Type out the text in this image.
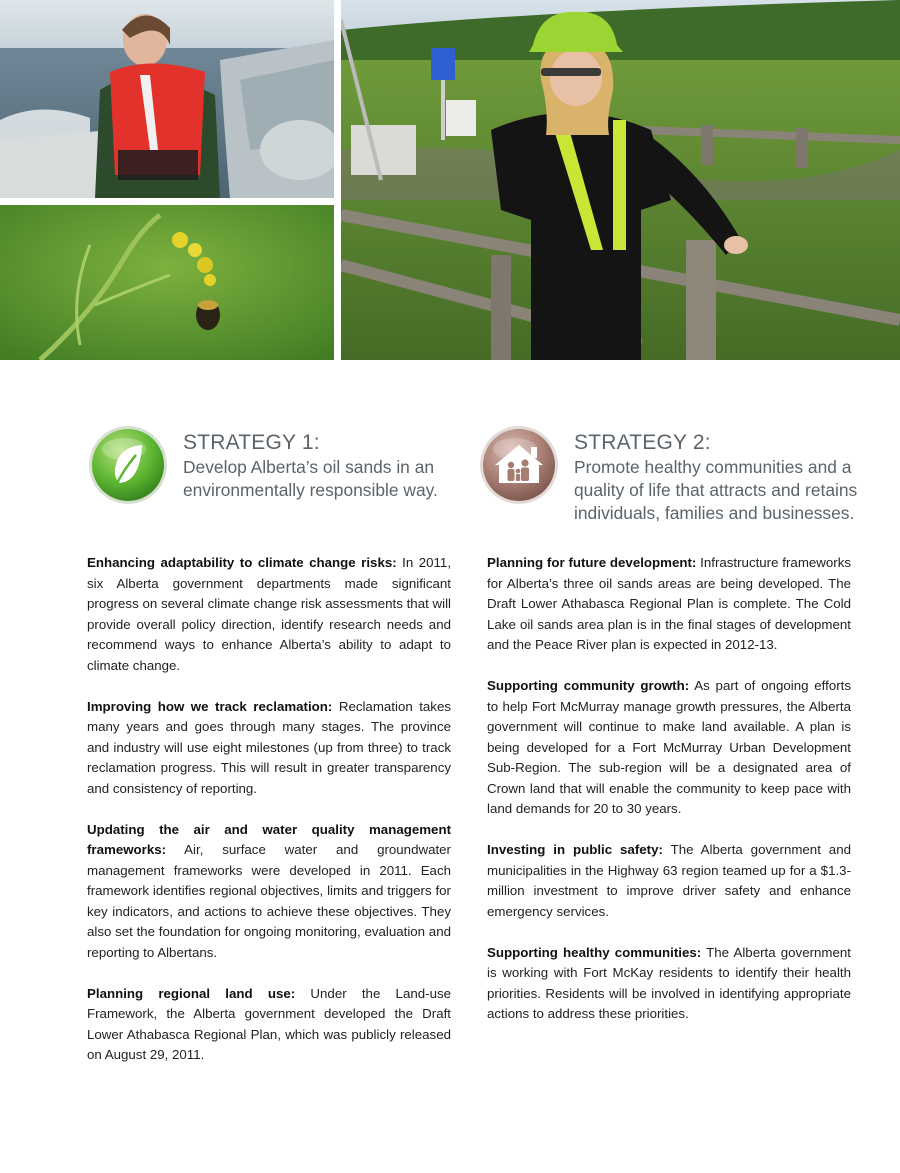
STRATEGY 1:
Develop Alberta’s oil sands in an environmentally responsible way.
STRATEGY 2:
Promote healthy communities and a quality of life that attracts and retains individuals, families and businesses.

Enhancing adaptability to climate change risks: In 2011, six Alberta government departments made significant progress on several climate change risk assessments that will provide overall policy direction, identify research needs and recommend ways to enhance Alberta’s ability to adapt to climate change.

Improving how we track reclamation: Reclamation takes many years and goes through many stages. The province and industry will use eight milestones (up from three) to track reclamation progress. This will result in greater transparency and consistency of reporting.

Updating the air and water quality management frameworks: Air, surface water and groundwater management frameworks were developed in 2011. Each framework identifies regional objectives, limits and triggers for key indicators, and actions to achieve these objectives. They also set the foundation for ongoing monitoring, evaluation and reporting to Albertans.

Planning regional land use: Under the Land-use Framework, the Alberta government developed the Draft Lower Athabasca Regional Plan, which was publicly released on August 29, 2011.

Planning for future development: Infrastructure frameworks for Alberta’s three oil sands areas are being developed. The Draft Lower Athabasca Regional Plan is complete. The Cold Lake oil sands area plan is in the final stages of development and the Peace River plan is expected in 2012-13.

Supporting community growth: As part of ongoing efforts to help Fort McMurray manage growth pressures, the Alberta government will continue to make land available. A plan is being developed for a Fort McMurray Urban Development Sub-Region. The sub-region will be a designated area of Crown land that will enable the community to keep pace with land demands for 20 to 30 years.

Investing in public safety: The Alberta government and municipalities in the Highway 63 region teamed up for a $1.3-million investment to improve driver safety and enhance emergency services.

Supporting healthy communities: The Alberta government is working with Fort McKay residents to identify their health priorities. Residents will be involved in identifying appropriate actions to address these priorities.
